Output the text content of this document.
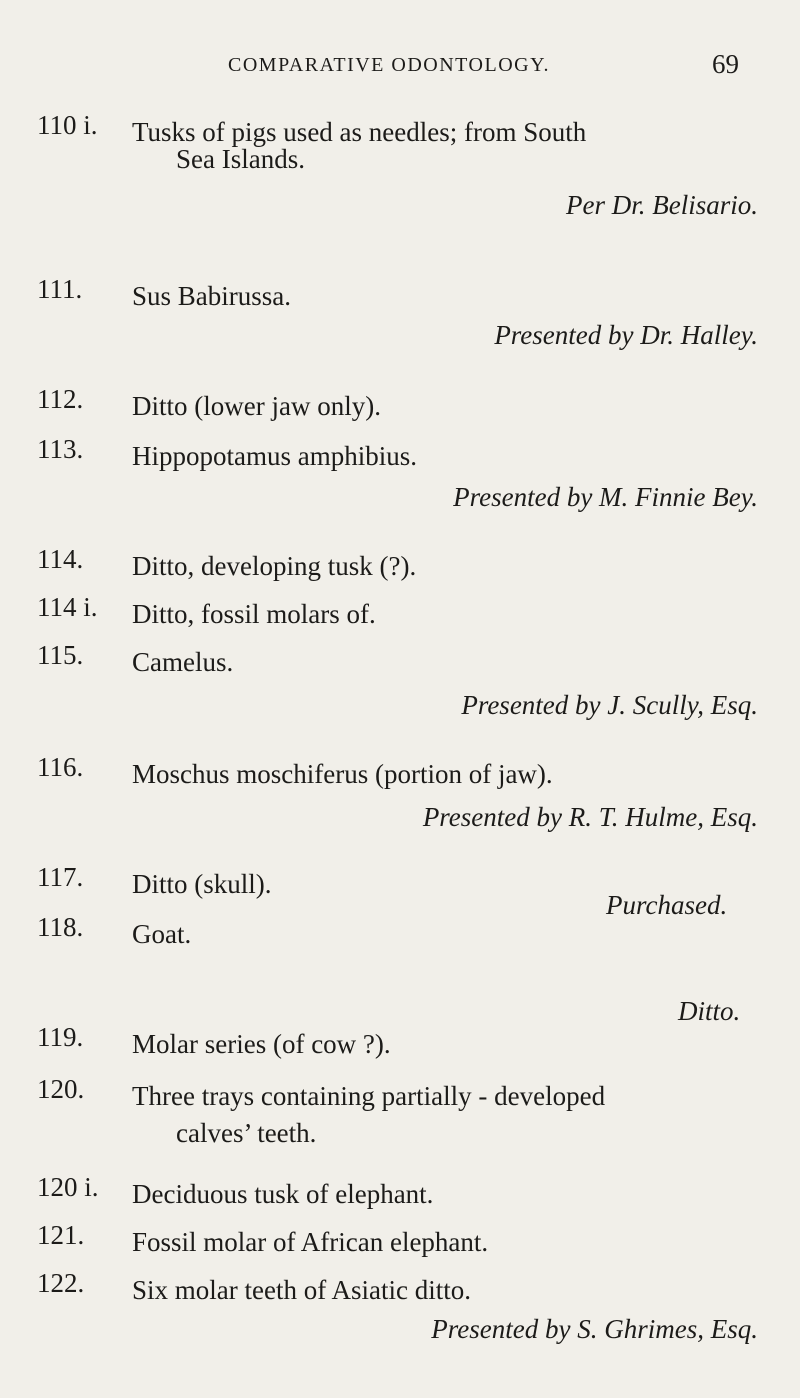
COMPARATIVE ODONTOLOGY.	69
110 i. Tusks of pigs used as needles; from South
Sea Islands.
Per Dr. Belisario.
111. Sus Babirussa.
Presented by Dr. Halley.
112. Ditto (lower jaw only).
113. Hippopotamus amphibius.
Presented by M. Finnie Bey.
114. Ditto, developing tusk (?).
114 i. Ditto, fossil molars of.
115. Camelus.
Presented by J. Scully, Esq.
116. Moschus moschiferus (portion of jaw).
Presented by R. T. Hulme, Esq.
117. Ditto (skull).
118. Goat.
Purchased.
119. Molar series (of cow ?).
Ditto.
120. Three trays containing partially - developed
calves’ teeth.
120 i. Deciduous tusk of elephant.
121. Fossil molar of African elephant.
122. Six molar teeth of Asiatic ditto.
Presented by S. Ghrimes, Esq.
